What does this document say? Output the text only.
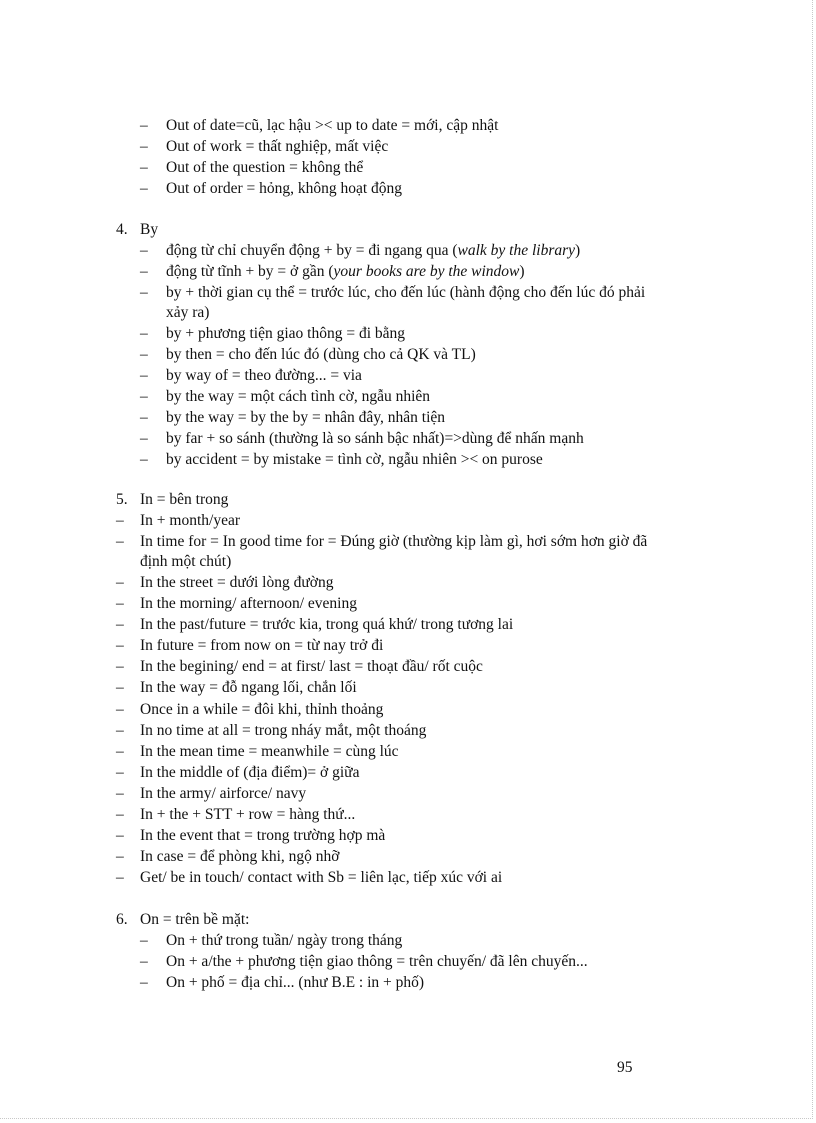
– Out of date=cũ, lạc hậu >< up to date = mới, cập nhật
– Out of work = thất nghiệp, mất việc
– Out of the question = không thể
– Out of order = hỏng, không hoạt động
4. By
– động từ chỉ chuyển động + by = đi ngang qua (walk by the library)
– động từ tĩnh + by = ở gần (your books are by the window)
– by + thời gian cụ thể = trước lúc, cho đến lúc (hành động cho đến lúc đó phải
xảy ra)
– by + phương tiện giao thông = đi bằng
– by then = cho đến lúc đó (dùng cho cả QK và TL)
– by way of = theo đường... = via
– by the way = một cách tình cờ, ngẫu nhiên
– by the way = by the by = nhân đây, nhân tiện
– by far + so sánh (thường là so sánh bậc nhất)=>dùng để nhấn mạnh
– by accident = by mistake = tình cờ, ngẫu nhiên >< on purose
5. In = bên trong
– In + month/year
– In time for = In good time for = Đúng giờ (thường kịp làm gì, hơi sớm hơn giờ đã
định một chút)
– In the street = dưới lòng đường
– In the morning/ afternoon/ evening
– In the past/future = trước kia, trong quá khứ/ trong tương lai
– In future = from now on = từ nay trở đi
– In the begining/ end = at first/ last = thoạt đầu/ rốt cuộc
– In the way = đỗ ngang lối, chắn lối
– Once in a while = đôi khi, thỉnh thoảng
– In no time at all = trong nháy mắt, một thoáng
– In the mean time = meanwhile = cùng lúc
– In the middle of (địa điểm)= ở giữa
– In the army/ airforce/ navy
– In + the + STT + row = hàng thứ...
– In the event that = trong trường hợp mà
– In case = để phòng khi, ngộ nhỡ
– Get/ be in touch/ contact with Sb = liên lạc, tiếp xúc với ai
6. On = trên bề mặt:
– On + thứ trong tuần/ ngày trong tháng
– On + a/the + phương tiện giao thông = trên chuyến/ đã lên chuyến...
– On + phố = địa chỉ... (như B.E : in + phố)
95
